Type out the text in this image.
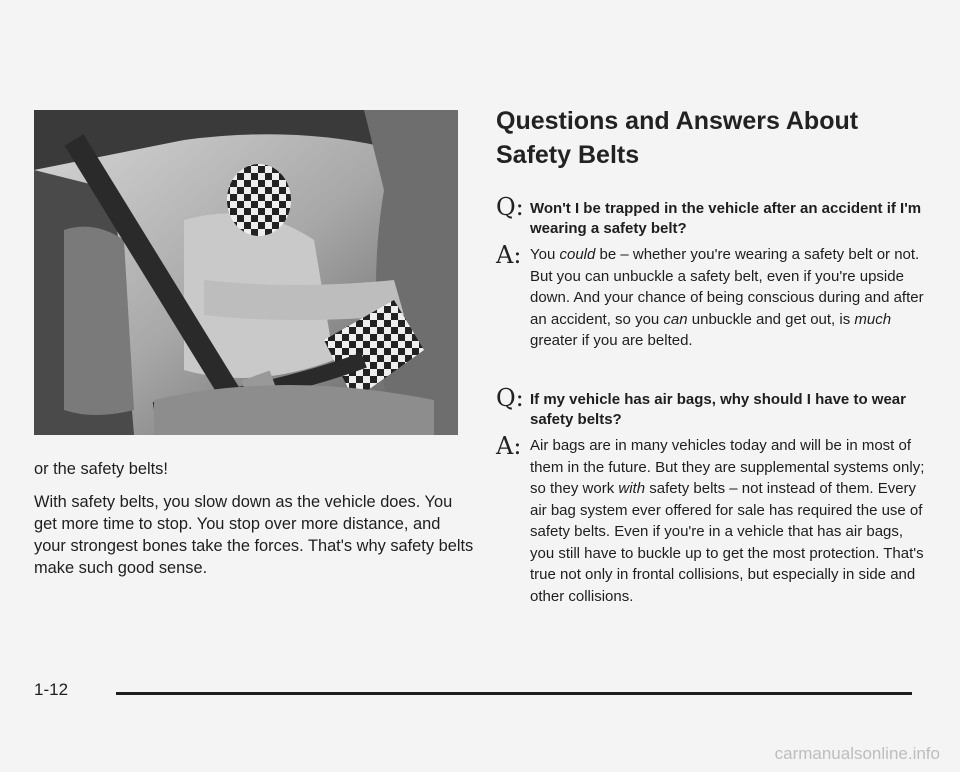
or the safety belts!

With safety belts, you slow down as the vehicle does. You get more time to stop. You stop over more distance, and your strongest bones take the forces. That's why safety belts make such good sense.

Questions and Answers About
Safety Belts
Q: Won't I be trapped in the vehicle after an accident if I'm wearing a safety belt?
A: You could be – whether you're wearing a safety belt or not. But you can unbuckle a safety belt, even if you're upside down. And your chance of being conscious during and after an accident, so you can unbuckle and get out, is much greater if you are belted.
Q: If my vehicle has air bags, why should I have to wear safety belts?
A: Air bags are in many vehicles today and will be in most of them in the future. But they are supplemental systems only; so they work with safety belts – not instead of them. Every air bag system ever offered for sale has required the use of safety belts. Even if you're in a vehicle that has air bags, you still have to buckle up to get the most protection. That's true not only in frontal collisions, but especially in side and other collisions.
1-12
carmanualsonline.info
